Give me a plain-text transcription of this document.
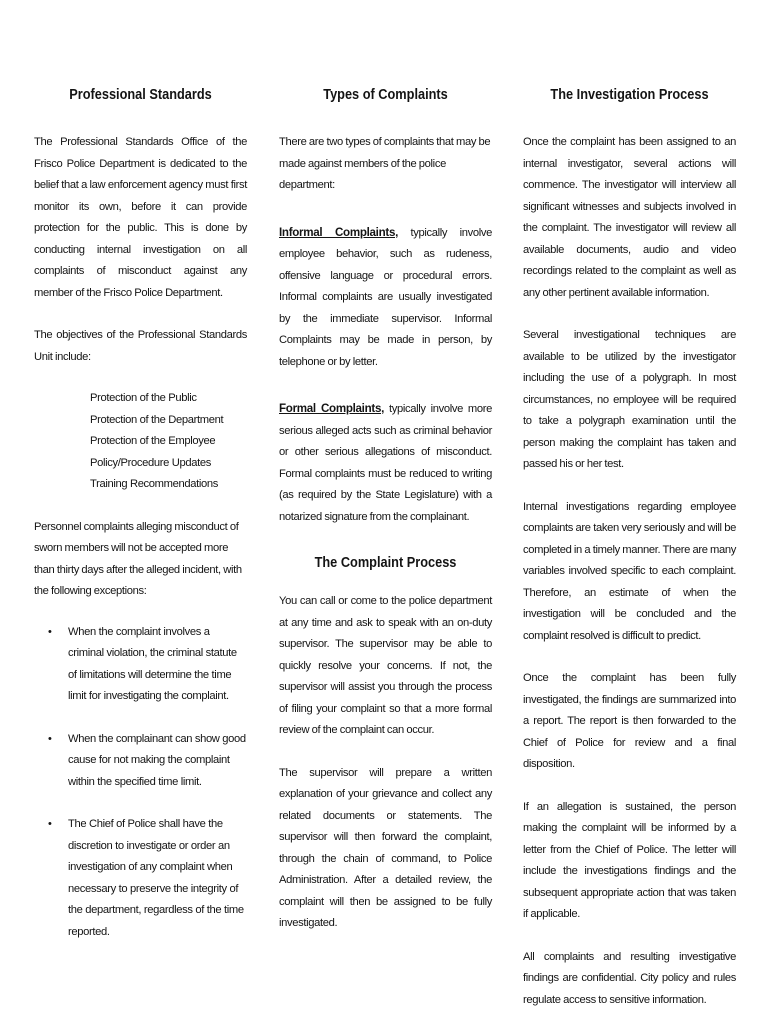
Professional Standards

The Professional Standards Office of the Frisco Police Department is dedicated to the belief that a law enforcement agency must first monitor its own, before it can provide protection for the public. This is done by conducting internal investigation on all complaints of misconduct against any member of the Frisco Police Department.

The objectives of the Professional Standards Unit include:

Protection of the Public
Protection of the Department
Protection of the Employee
Policy/Procedure Updates
Training Recommendations

Personnel complaints alleging misconduct of sworn members will not be accepted more than thirty days after the alleged incident, with the following exceptions:

• When the complaint involves a criminal violation, the criminal statute of limitations will determine the time limit for investigating the complaint.
• When the complainant can show good cause for not making the complaint within the specified time limit.
• The Chief of Police shall have the discretion to investigate or order an investigation of any complaint when necessary to preserve the integrity of the department, regardless of the time reported.
Types of Complaints

There are two types of complaints that may be made against members of the police department:

Informal Complaints, typically involve employee behavior, such as rudeness, offensive language or procedural errors. Informal complaints are usually investigated by the immediate supervisor. Informal Complaints may be made in person, by telephone or by letter.

Formal Complaints, typically involve more serious alleged acts such as criminal behavior or other serious allegations of misconduct. Formal complaints must be reduced to writing (as required by the State Legislature) with a notarized signature from the complainant.

The Complaint Process

You can call or come to the police department at any time and ask to speak with an on-duty supervisor. The supervisor may be able to quickly resolve your concerns. If not, the supervisor will assist you through the process of filing your complaint so that a more formal review of the complaint can occur.

The supervisor will prepare a written explanation of your grievance and collect any related documents or statements. The supervisor will then forward the complaint, through the chain of command, to Police Administration. After a detailed review, the complaint will then be assigned to be fully investigated.

The Investigation Process

Once the complaint has been assigned to an internal investigator, several actions will commence. The investigator will interview all significant witnesses and subjects involved in the complaint. The investigator will review all available documents, audio and video recordings related to the complaint as well as any other pertinent available information.

Several investigational techniques are available to be utilized by the investigator including the use of a polygraph. In most circumstances, no employee will be required to take a polygraph examination until the person making the complaint has taken and passed his or her test.

Internal investigations regarding employee complaints are taken very seriously and will be completed in a timely manner. There are many variables involved specific to each complaint. Therefore, an estimate of when the investigation will be concluded and the complaint resolved is difficult to predict.

Once the complaint has been fully investigated, the findings are summarized into a report. The report is then forwarded to the Chief of Police for review and a final disposition.

If an allegation is sustained, the person making the complaint will be informed by a letter from the Chief of Police. The letter will include the investigations findings and the subsequent appropriate action that was taken if applicable.

All complaints and resulting investigative findings are confidential. City policy and rules regulate access to sensitive information.
